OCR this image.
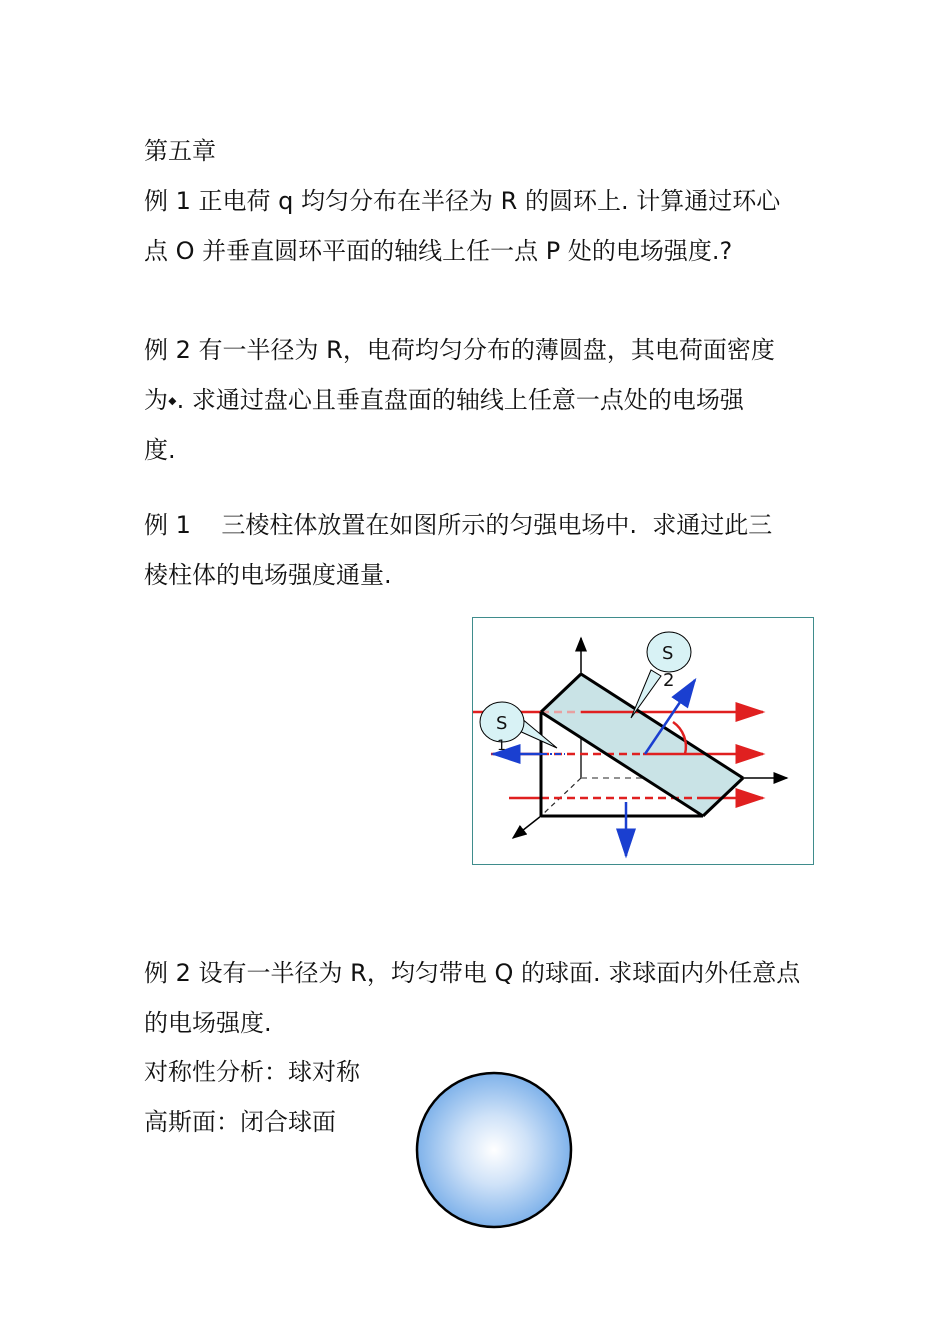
第五章
例 1 正电荷 q 均匀分布在半径为 R 的圆环上. 计算通过环心
点 O 并垂直圆环平面的轴线上任一点 P 处的电场强度.?
例 2 有一半径为 R，电荷均匀分布的薄圆盘，其电荷面密度
为⬩. 求通过盘心且垂直盘面的轴线上任意一点处的电场强
度.
例 1    三棱柱体放置在如图所示的匀强电场中.  求通过此三
棱柱体的电场强度通量.
S
2
S
1
例 2 设有一半径为 R，均匀带电 Q 的球面. 求球面内外任意点
的电场强度.
对称性分析：球对称
高斯面：闭合球面
